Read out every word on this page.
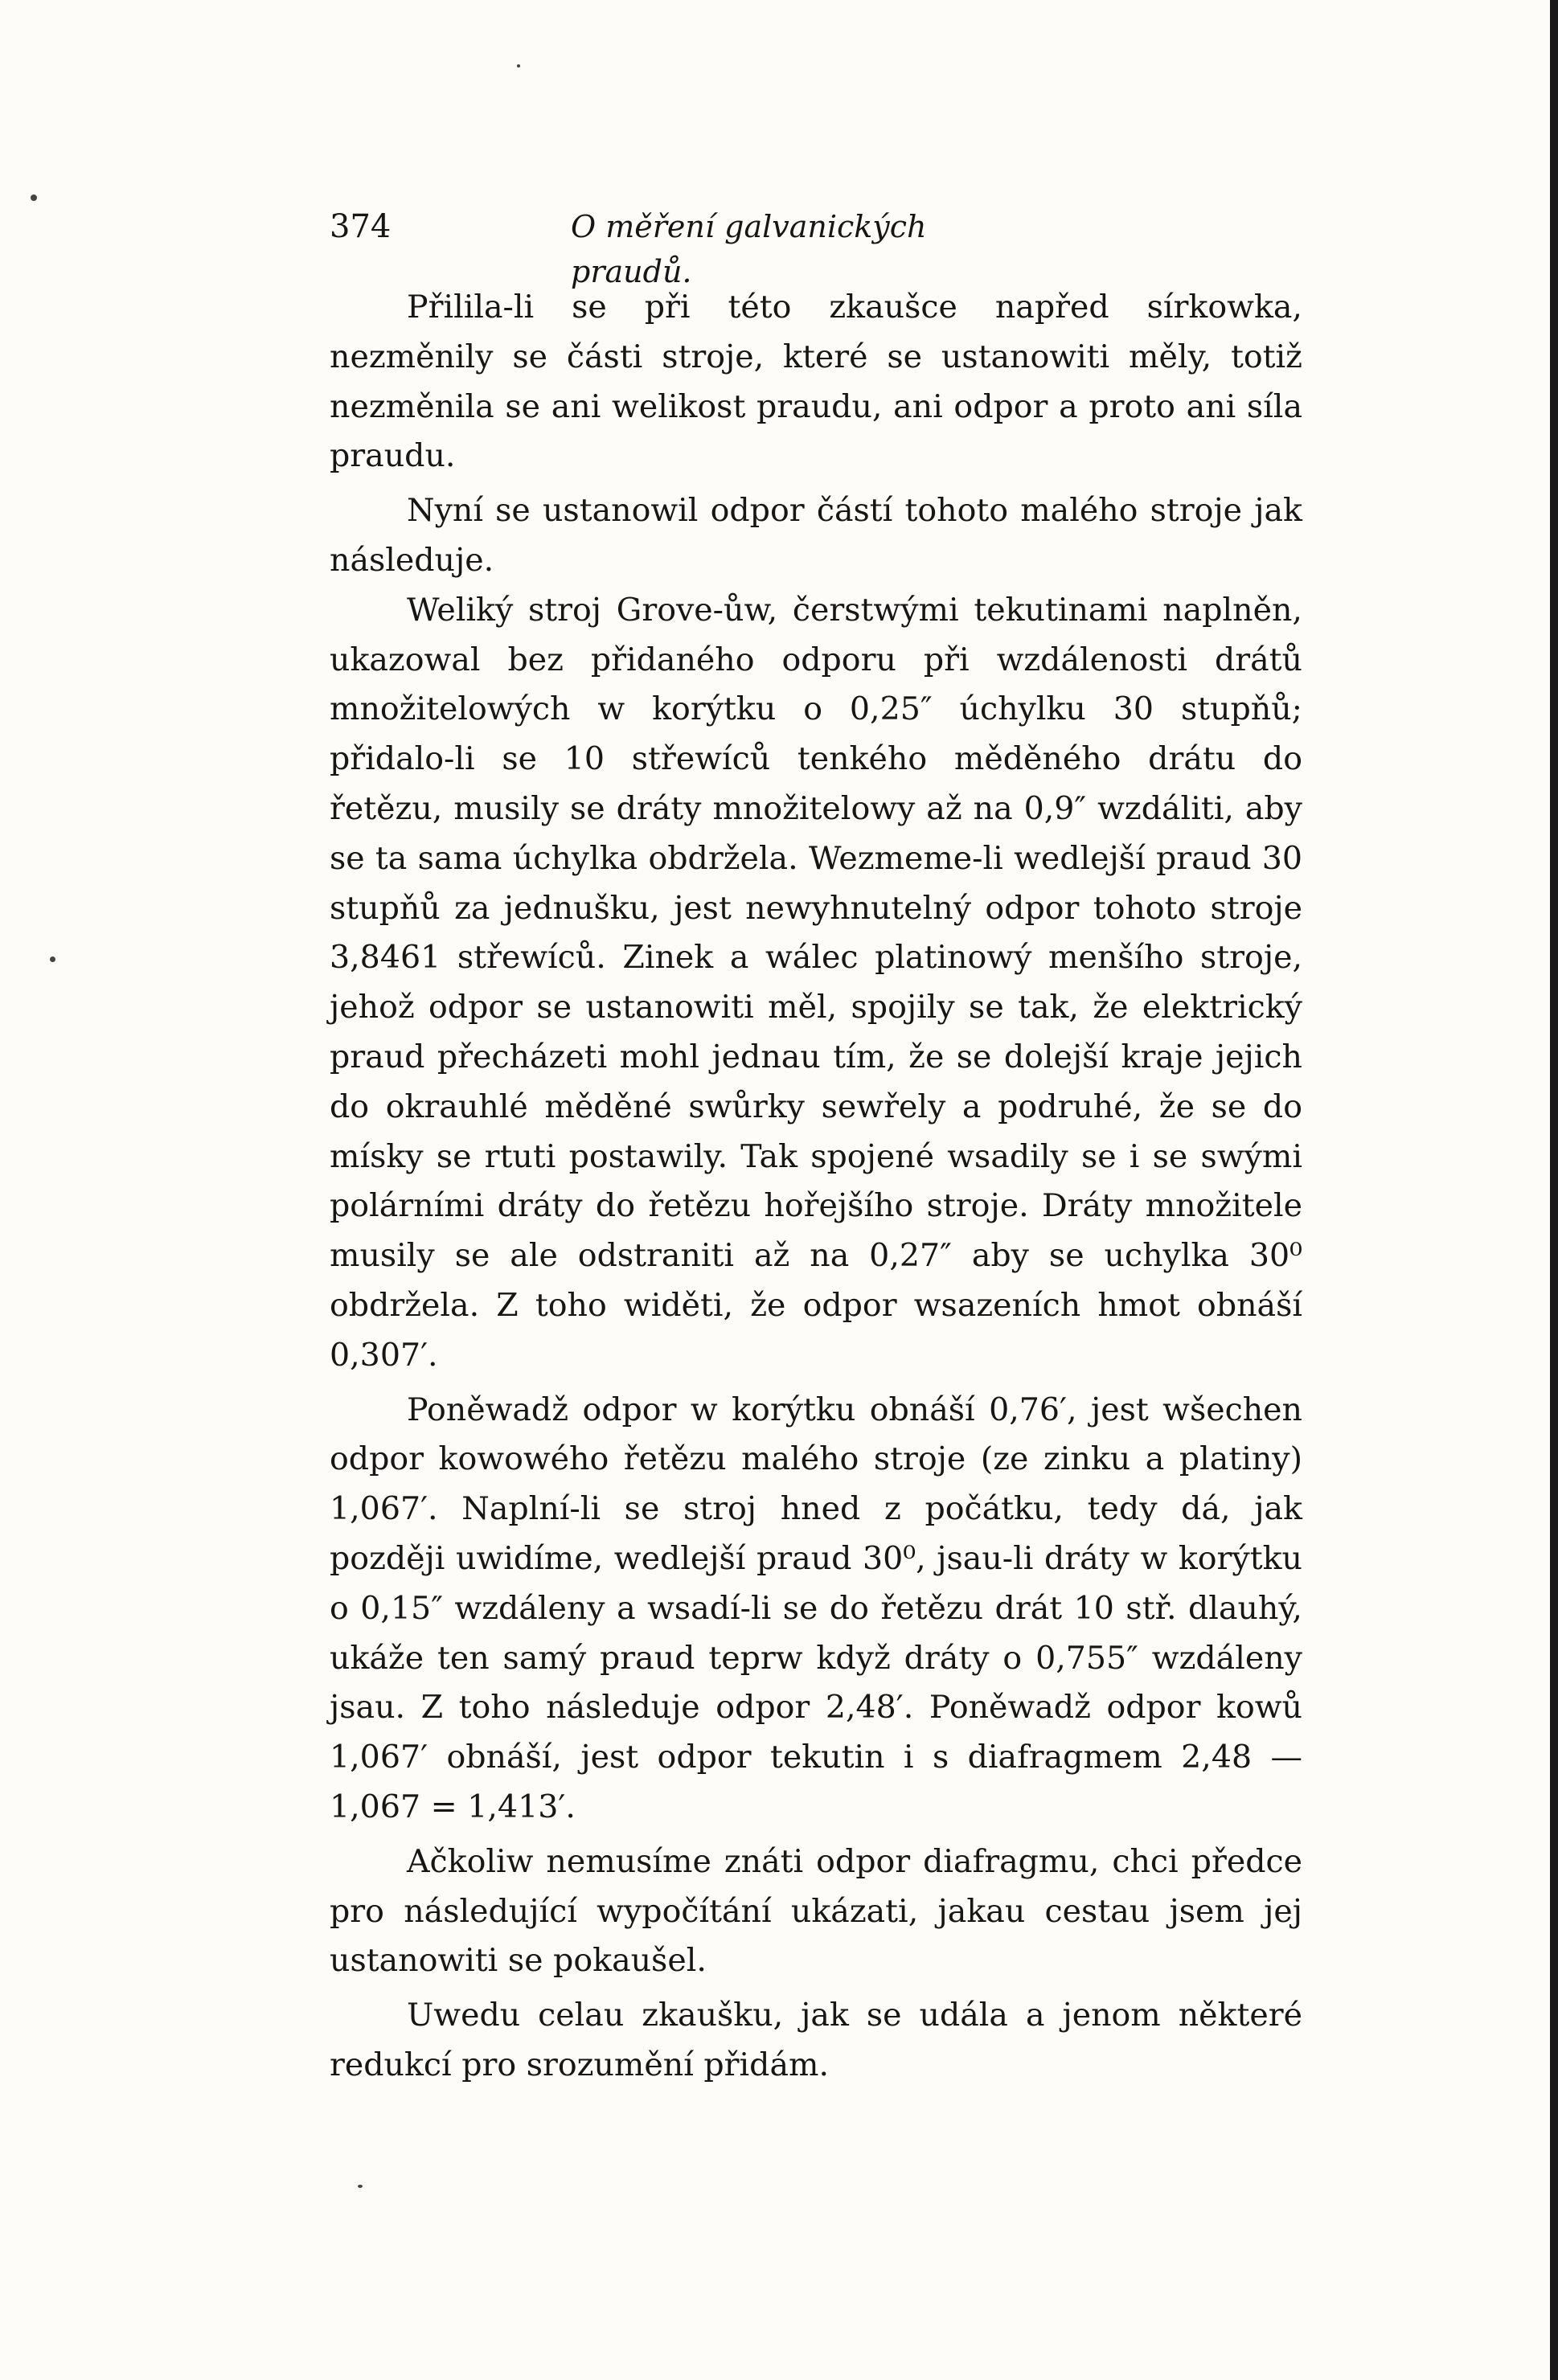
374	O měření galvanických praudů.

Přilila-li se při této zkaušce napřed sírkowka, nezměnily se části stroje, které se ustanowiti měly, totiž nezměnila se ani welikost praudu, ani odpor a proto ani síla praudu.

Nyní se ustanowil odpor částí tohoto malého stroje jak následuje.

Weliký stroj Grove-ůw, čerstwými tekutinami naplněn, ukazowal bez přidaného odporu při wzdálenosti drátů množitelowých w korýtku o 0,25″ úchylku 30 stupňů; přidalo-li se 10 střewíců tenkého měděného drátu do řetězu, musily se dráty množitelowy až na 0,9″ wzdáliti, aby se ta sama úchylka obdržela. Wezmeme-li wedlejší praud 30 stupňů za jednušku, jest newyhnutelný odpor tohoto stroje 3,8461 střewíců. Zinek a wálec platinowý menšího stroje, jehož odpor se ustanowiti měl, spojily se tak, že elektrický praud přecházeti mohl jednau tím, že se dolejší kraje jejich do okrauhlé měděné swůrky sewřely a podruhé, že se do mísky se rtuti postawily. Tak spojené wsadily se i se swými polárními dráty do řetězu hořejšího stroje. Dráty množitele musily se ale odstraniti až na 0,27″ aby se uchylka 30⁰ obdržela. Z toho widěti, že odpor wsazeních hmot obnáší 0,307′.

Poněwadž odpor w korýtku obnáší 0,76′, jest wšechen odpor kowowého řetězu malého stroje (ze zinku a platiny) 1,067′. Naplní-li se stroj hned z počátku, tedy dá, jak později uwidíme, wedlejší praud 30⁰, jsau-li dráty w korýtku o 0,15″ wzdáleny a wsadí-li se do řetězu drát 10 stř. dlauhý, ukáže ten samý praud teprw když dráty o 0,755″ wzdáleny jsau. Z toho následuje odpor 2,48′. Poněwadž odpor kowů 1,067′ obnáší, jest odpor tekutin i s diafragmem 2,48 — 1,067 = 1,413′.

Ačkoliw nemusíme znáti odpor diafragmu, chci předce pro následující wypočítání ukázati, jakau cestau jsem jej ustanowiti se pokaušel.

Uwedu celau zkaušku, jak se udála a jenom některé redukcí pro srozumění přidám.
